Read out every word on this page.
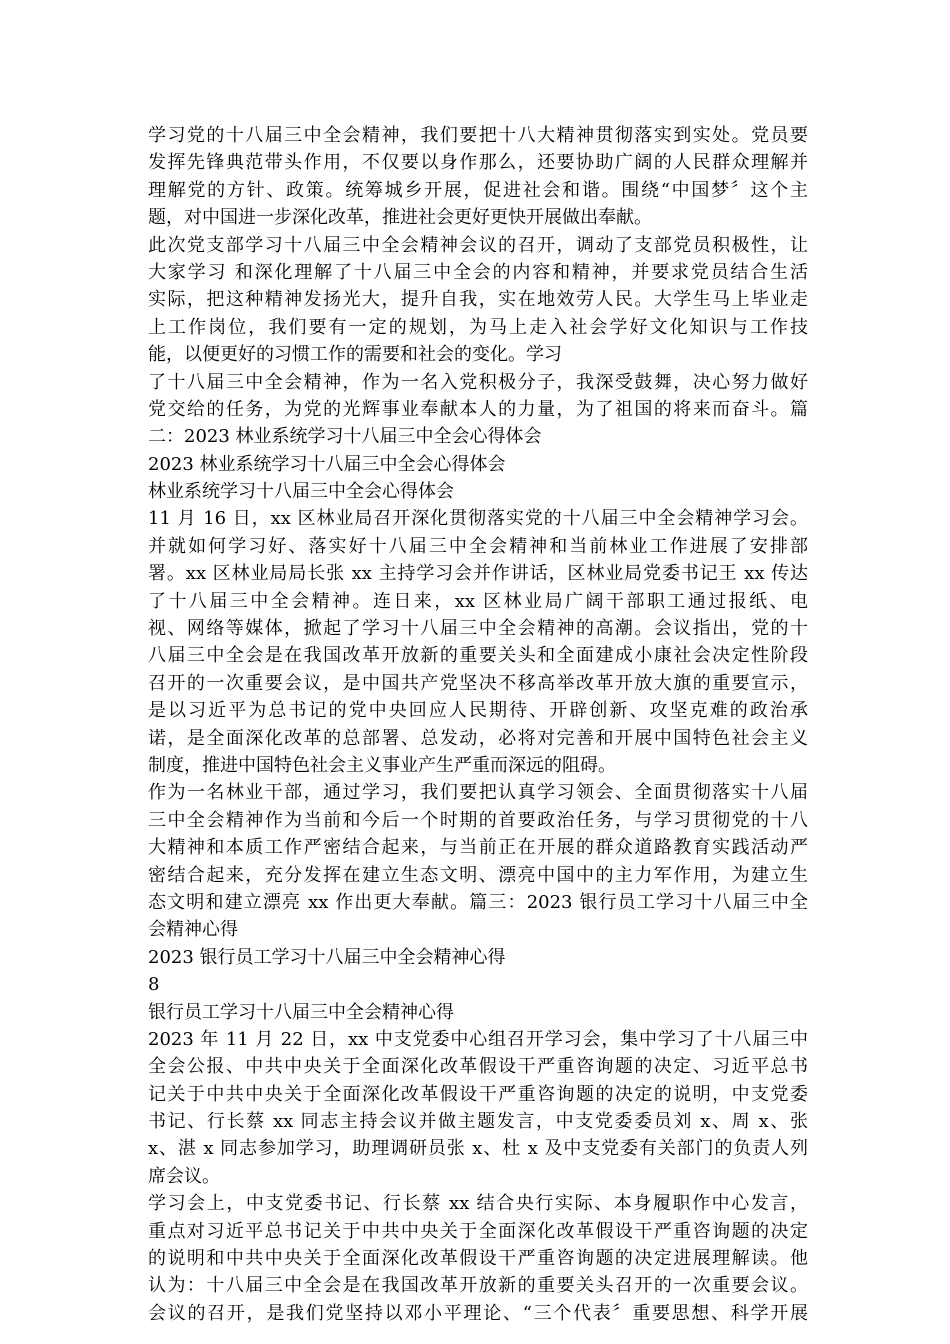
学习党的十八届三中全会精神，我们要把十八大精神贯彻落实到实处。党员要
发挥先锋典范带头作用，不仅要以身作那么，还要协助广阔的人民群众理解并
理解党的方针、政策。统筹城乡开展，促进社会和谐。围绕“中国梦〞这个主
题，对中国进一步深化改革，推进社会更好更快开展做出奉献。
此次党支部学习十八届三中全会精神会议的召开，调动了支部党员积极性，让
大家学习 和深化理解了十八届三中全会的内容和精神，并要求党员结合生活
实际，把这种精神发扬光大，提升自我，实在地效劳人民。大学生马上毕业走
上工作岗位，我们要有一定的规划，为马上走入社会学好文化知识与工作技
能，以便更好的习惯工作的需要和社会的变化。学习
了十八届三中全会精神，作为一名入党积极分子，我深受鼓舞，决心努力做好
党交给的任务，为党的光辉事业奉献本人的力量，为了祖国的将来而奋斗。篇
二：2023 林业系统学习十八届三中全会心得体会
2023 林业系统学习十八届三中全会心得体会
林业系统学习十八届三中全会心得体会
11 月 16 日，xx 区林业局召开深化贯彻落实党的十八届三中全会精神学习会。
并就如何学习好、落实好十八届三中全会精神和当前林业工作进展了安排部
署。xx 区林业局局长张 xx 主持学习会并作讲话，区林业局党委书记王 xx 传达
了十八届三中全会精神。连日来，xx 区林业局广阔干部职工通过报纸、电
视、网络等媒体，掀起了学习十八届三中全会精神的高潮。会议指出，党的十
八届三中全会是在我国改革开放新的重要关头和全面建成小康社会决定性阶段
召开的一次重要会议，是中国共产党坚决不移高举改革开放大旗的重要宣示，
是以习近平为总书记的党中央回应人民期待、开辟创新、攻坚克难的政治承
诺，是全面深化改革的总部署、总发动，必将对完善和开展中国特色社会主义
制度，推进中国特色社会主义事业产生严重而深远的阻碍。
作为一名林业干部，通过学习，我们要把认真学习领会、全面贯彻落实十八届
三中全会精神作为当前和今后一个时期的首要政治任务，与学习贯彻党的十八
大精神和本质工作严密结合起来，与当前正在开展的群众道路教育实践活动严
密结合起来，充分发挥在建立生态文明、漂亮中国中的主力军作用，为建立生
态文明和建立漂亮 xx 作出更大奉献。篇三：2023 银行员工学习十八届三中全
会精神心得
2023 银行员工学习十八届三中全会精神心得
8
银行员工学习十八届三中全会精神心得
2023 年 11 月 22 日，xx 中支党委中心组召开学习会，集中学习了十八届三中
全会公报、中共中央关于全面深化改革假设干严重咨询题的决定、习近平总书
记关于中共中央关于全面深化改革假设干严重咨询题的决定的说明，中支党委
书记、行长蔡 xx 同志主持会议并做主题发言，中支党委委员刘 x、周 x、张
x、湛 x 同志参加学习，助理调研员张 x、杜 x 及中支党委有关部门的负责人列
席会议。
学习会上，中支党委书记、行长蔡 xx 结合央行实际、本身履职作中心发言，
重点对习近平总书记关于中共中央关于全面深化改革假设干严重咨询题的决定
的说明和中共中央关于全面深化改革假设干严重咨询题的决定进展理解读。他
认为：十八届三中全会是在我国改革开放新的重要关头召开的一次重要会议。
会议的召开，是我们党坚持以邓小平理论、“三个代表〞重要思想、科学开展
